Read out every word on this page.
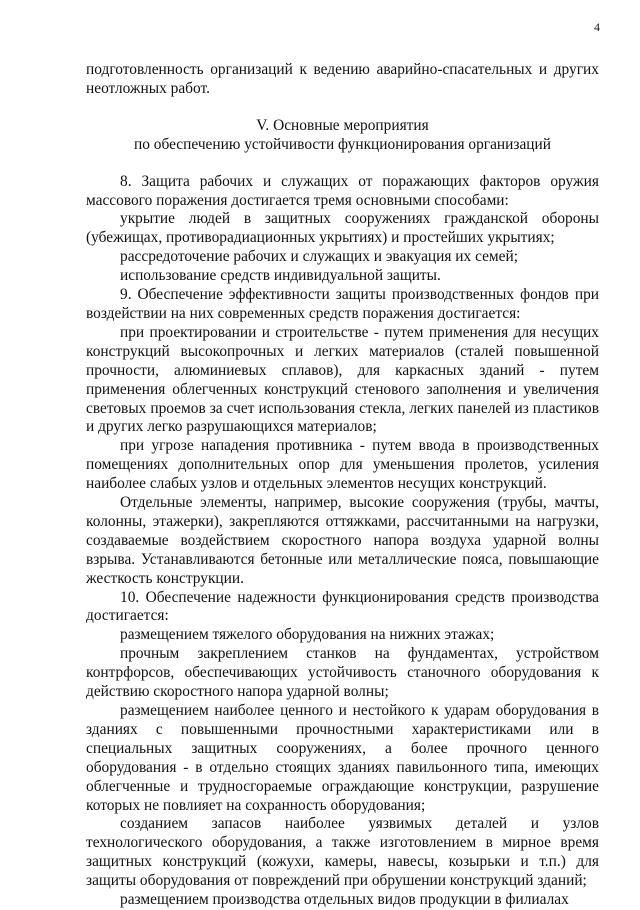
4

подготовленность организаций к ведению аварийно-спасательных и других неотложных работ.

V. Основные мероприятия

по обеспечению устойчивости функционирования организаций

8. Защита рабочих и служащих от поражающих факторов оружия массового поражения достигается тремя основными способами:

укрытие людей в защитных сооружениях гражданской обороны (убежищах, противорадиационных укрытиях) и простейших укрытиях;

рассредоточение рабочих и служащих и эвакуация их семей;

использование средств индивидуальной защиты.

9. Обеспечение эффективности защиты производственных фондов при воздействии на них современных средств поражения достигается:

при проектировании и строительстве - путем применения для несущих конструкций высокопрочных и легких материалов (сталей повышенной прочности, алюминиевых сплавов), для каркасных зданий - путем применения облегченных конструкций стенового заполнения и увеличения световых проемов за счет использования стекла, легких панелей из пластиков и других легко разрушающихся материалов;

при угрозе нападения противника - путем ввода в производственных помещениях дополнительных опор для уменьшения пролетов, усиления наиболее слабых узлов и отдельных элементов несущих конструкций.

Отдельные элементы, например, высокие сооружения (трубы, мачты, колонны, этажерки), закрепляются оттяжками, рассчитанными на нагрузки, создаваемые воздействием скоростного напора воздуха ударной волны взрыва. Устанавливаются бетонные или металлические пояса, повышающие жесткость конструкции.

10. Обеспечение надежности функционирования средств производства достигается:

размещением тяжелого оборудования на нижних этажах;

прочным закреплением станков на фундаментах, устройством контрфорсов, обеспечивающих устойчивость станочного оборудования к действию скоростного напора ударной волны;

размещением наиболее ценного и нестойкого к ударам оборудования в зданиях с повышенными прочностными характеристиками или в специальных защитных сооружениях, а более прочного ценного оборудования - в отдельно стоящих зданиях павильонного типа, имеющих облегченные и трудносгораемые ограждающие конструкции, разрушение которых не повлияет на сохранность оборудования;

созданием запасов наиболее уязвимых деталей и узлов технологического оборудования, а также изготовлением в мирное время защитных конструкций (кожухи, камеры, навесы, козырьки и т.п.) для защиты оборудования от повреждений при обрушении конструкций зданий;

размещением производства отдельных видов продукции в филиалах
